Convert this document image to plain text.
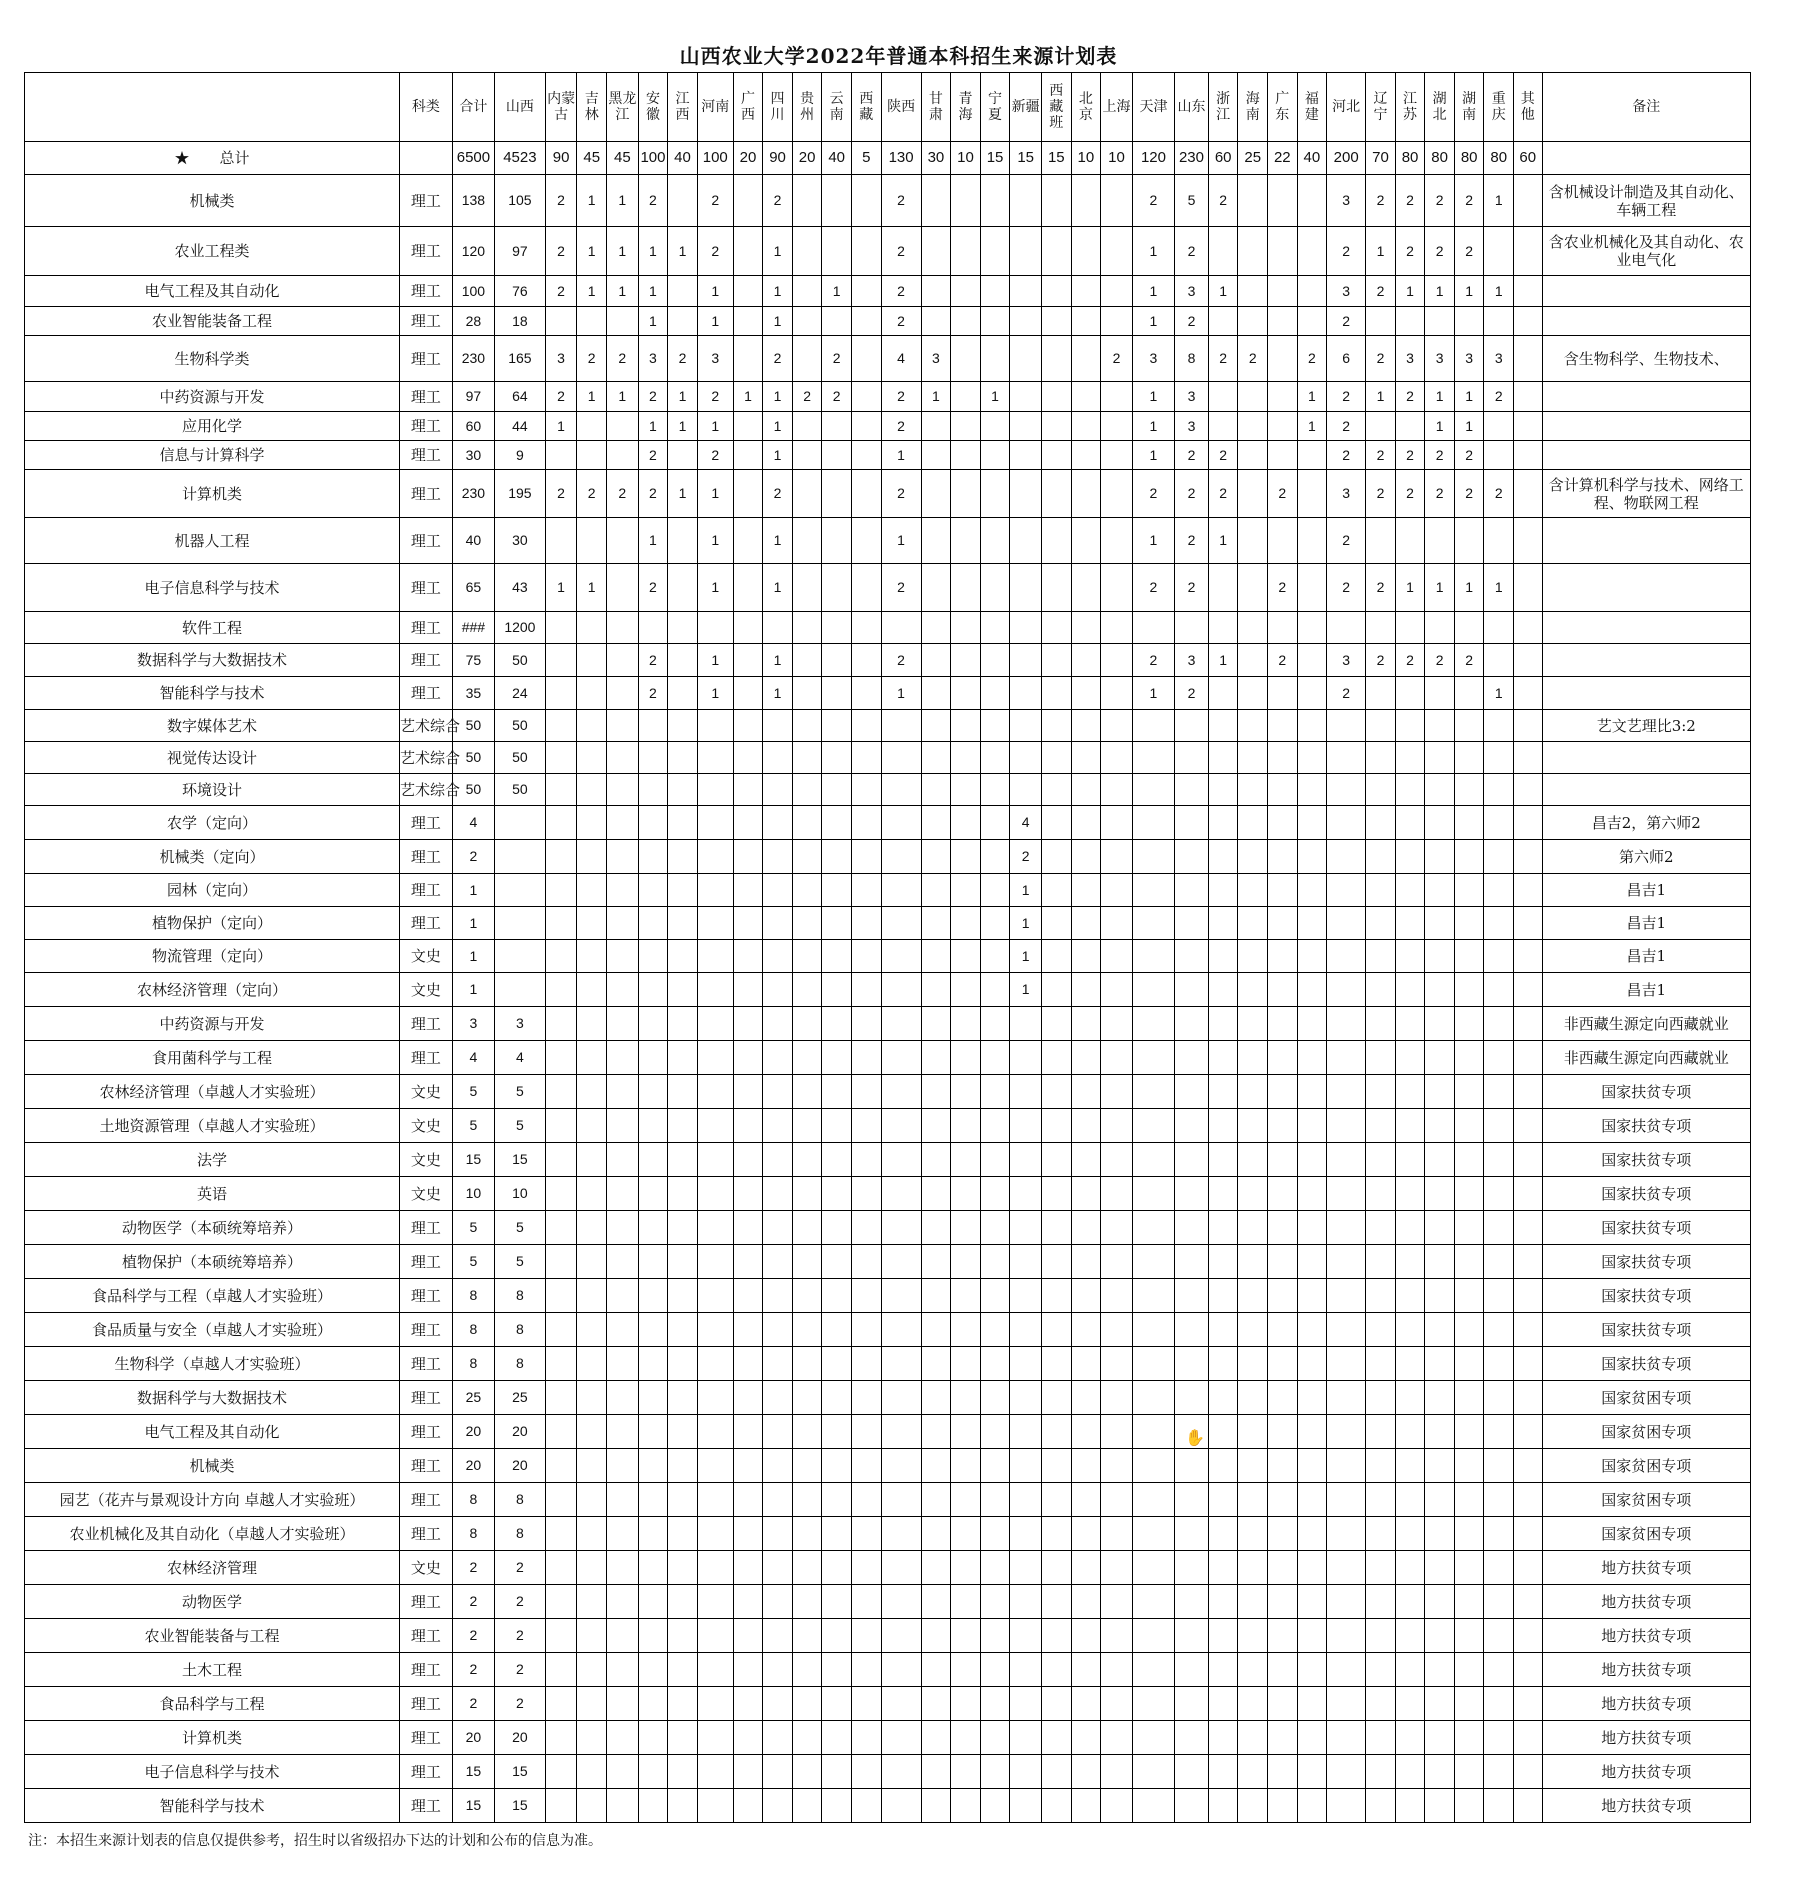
山西农业大学2022年普通本科招生来源计划表
	科类	合计	山西	内蒙古	吉林	黑龙江	安徽	江西	河南	广西	四川	贵州	云南	西藏	陕西	甘肃	青海	宁夏	新疆	西藏班	北京	上海	天津	山东	浙江	海南	广东	福建	河北	辽宁	江苏	湖北	湖南	重庆	其他	备注
★　　总计		6500	4523	90	45	45	100	40	100	20	90	20	40	5	130	30	10	15	15	15	10	10	120	230	60	25	22	40	200	70	80	80	80	80	60	
机械类	理工	138	105	2	1	1	2		2		2				2								2	5	2				3	2	2	2	2	1		含机械设计制造及其自动化、车辆工程
农业工程类	理工	120	97	2	1	1	1	1	2		1				2								1	2					2	1	2	2	2			含农业机械化及其自动化、农业电气化
电气工程及其自动化	理工	100	76	2	1	1	1		1		1		1		2								1	3	1				3	2	1	1	1	1		
农业智能装备工程	理工	28	18				1		1		1				2								1	2					2							
生物科学类	理工	230	165	3	2	2	3	2	3		2		2		4	3						2	3	8	2	2		2	6	2	3	3	3	3		含生物科学、生物技术、
中药资源与开发	理工	97	64	2	1	1	2	1	2	1	1	2	2		2	1		1					1	3				1	2	1	2	1	1	2		
应用化学	理工	60	44	1			1	1	1		1				2								1	3				1	2			1	1			
信息与计算科学	理工	30	9				2		2		1				1								1	2	2				2	2	2	2	2			
计算机类	理工	230	195	2	2	2	2	1	1		2				2								2	2	2		2		3	2	2	2	2	2		含计算机科学与技术、网络工程、物联网工程
机器人工程	理工	40	30				1		1		1				1								1	2	1				2							
电子信息科学与技术	理工	65	43	1	1		2		1		1				2								2	2			2		2	2	1	1	1	1		
软件工程	理工	###	1200																																	
数据科学与大数据技术	理工	75	50				2		1		1				2								2	3	1		2		3	2	2	2	2			
智能科学与技术	理工	35	24				2		1		1				1								1	2					2					1		
数字媒体艺术	艺术综合	50	50																																	艺文艺理比3:2
视觉传达设计	艺术综合	50	50																																	
环境设计	艺术综合	50	50																																	
农学（定向）	理工	4																	4																	昌吉2，第六师2
机械类（定向）	理工	2																	2																	第六师2
园林（定向）	理工	1																	1																	昌吉1
植物保护（定向）	理工	1																	1																	昌吉1
物流管理（定向）	文史	1																	1																	昌吉1
农林经济管理（定向）	文史	1																	1																	昌吉1
中药资源与开发	理工	3	3																																	非西藏生源定向西藏就业
食用菌科学与工程	理工	4	4																																	非西藏生源定向西藏就业
农林经济管理（卓越人才实验班）	文史	5	5																																	国家扶贫专项
土地资源管理（卓越人才实验班）	文史	5	5																																	国家扶贫专项
法学	文史	15	15																																	国家扶贫专项
英语	文史	10	10																																	国家扶贫专项
动物医学（本硕统筹培养）	理工	5	5																																	国家扶贫专项
植物保护（本硕统筹培养）	理工	5	5																																	国家扶贫专项
食品科学与工程（卓越人才实验班）	理工	8	8																																	国家扶贫专项
食品质量与安全（卓越人才实验班）	理工	8	8																																	国家扶贫专项
生物科学（卓越人才实验班）	理工	8	8																																	国家扶贫专项
数据科学与大数据技术	理工	25	25																																	国家贫困专项
电气工程及其自动化	理工	20	20																																	国家贫困专项
机械类	理工	20	20																																	国家贫困专项
园艺（花卉与景观设计方向 卓越人才实验班）	理工	8	8																																	国家贫困专项
农业机械化及其自动化（卓越人才实验班）	理工	8	8																																	国家贫困专项
农林经济管理	文史	2	2																																	地方扶贫专项
动物医学	理工	2	2																																	地方扶贫专项
农业智能装备与工程	理工	2	2																																	地方扶贫专项
土木工程	理工	2	2																																	地方扶贫专项
食品科学与工程	理工	2	2																																	地方扶贫专项
计算机类	理工	20	20																																	地方扶贫专项
电子信息科学与技术	理工	15	15																																	地方扶贫专项
智能科学与技术	理工	15	15																																	地方扶贫专项
注：本招生来源计划表的信息仅提供参考，招生时以省级招办下达的计划和公布的信息为准。
✋
